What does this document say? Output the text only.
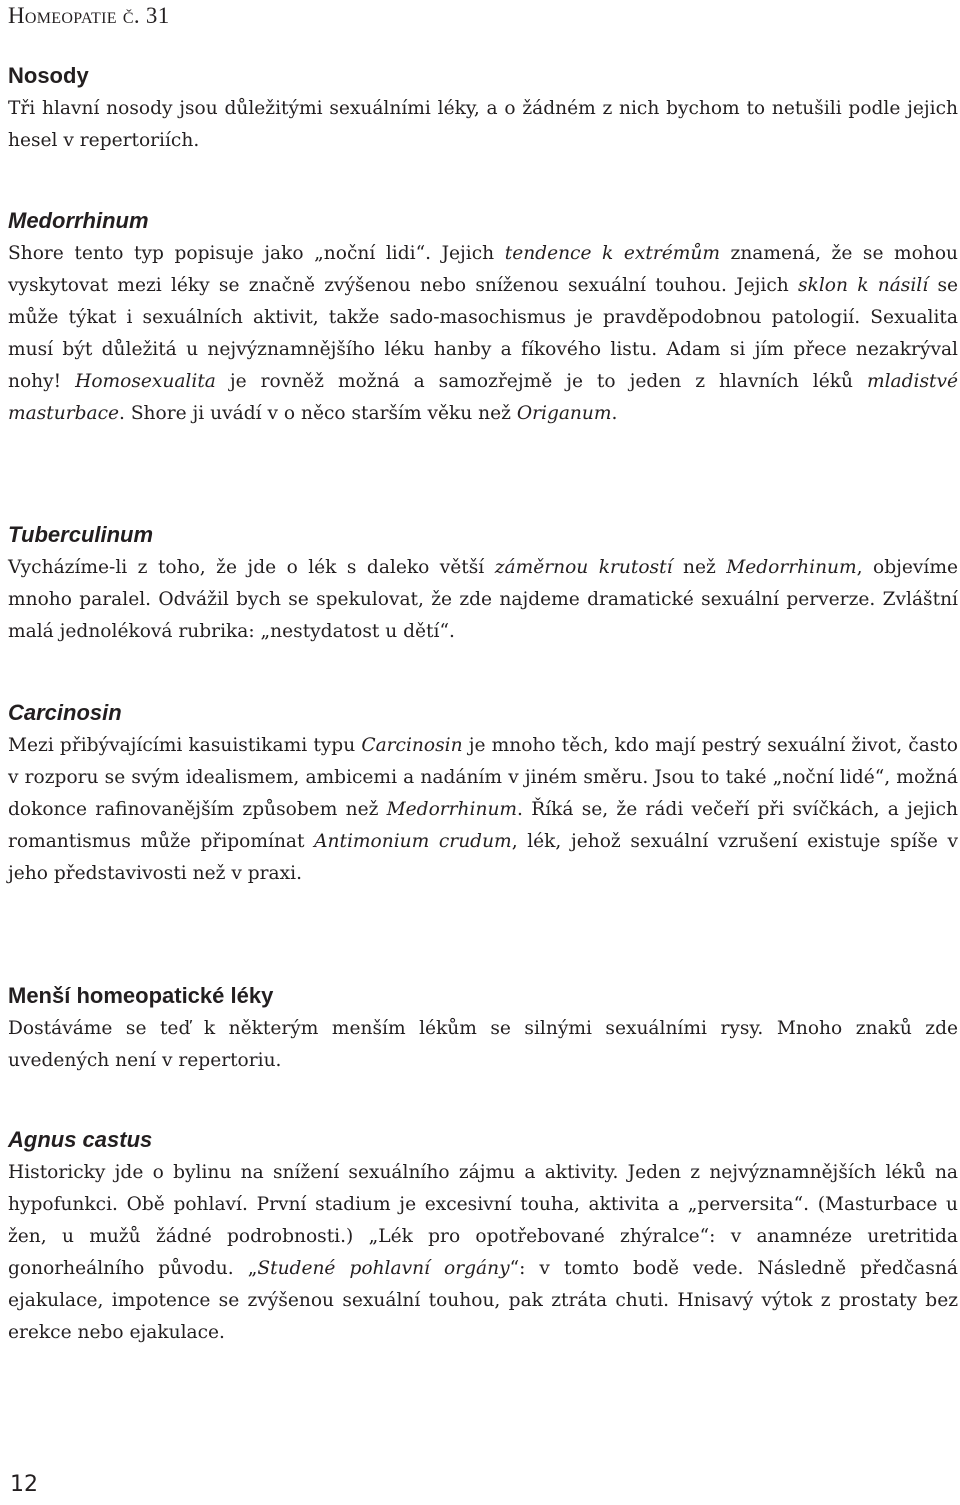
Homeopatie č. 31
Nosody

Tři hlavní nosody jsou důležitými sexuálními léky, a o žádném z nich bychom to netušili podle jejich hesel v repertoriích.

Medorrhinum

Shore tento typ popisuje jako „noční lidi“. Jejich tendence k extrémům znamená, že se mohou vyskytovat mezi léky se značně zvýšenou nebo sníženou sexuální touhou. Jejich sklon k násilí se může týkat i sexuálních aktivit, takže sado-masochismus je pravděpodobnou patologií. Sexualita musí být důležitá u nejvýznamnějšího léku hanby a fíkového listu. Adam si jím přece nezakrýval nohy! Homosexualita je rovněž možná a samozřejmě je to jeden z hlavních léků mladistvé masturbace. Shore ji uvádí v o něco starším věku než Origanum.

Tuberculinum

Vycházíme-li z toho, že jde o lék s daleko větší záměrnou krutostí než Medorrhinum, objevíme mnoho paralel. Odvážil bych se spekulovat, že zde najdeme dramatické sexuální perverze. Zvláštní malá jednoléková rubrika: „nestydatost u dětí“.

Carcinosin

Mezi přibývajícími kasuistikami typu Carcinosin je mnoho těch, kdo mají pestrý sexuální život, často v rozporu se svým idealismem, ambicemi a nadáním v jiném směru. Jsou to také „noční lidé“, možná dokonce rafinovanějším způsobem než Medorrhinum. Říká se, že rádi večeří při svíčkách, a jejich romantismus může připomínat Antimonium crudum, lék, jehož sexuální vzrušení existuje spíše v jeho představivosti než v praxi.

Menší homeopatické léky

Dostáváme se teď k některým menším lékům se silnými sexuálními rysy. Mnoho znaků zde uvedených není v repertoriu.

Agnus castus

Historicky jde o bylinu na snížení sexuálního zájmu a aktivity. Jeden z nejvýznamnějších léků na hypofunkci. Obě pohlaví. První stadium je excesivní touha, aktivita a „perversita“. (Masturbace u žen, u mužů žádné podrobnosti.) „Lék pro opotřebované zhýralce“: v anamnéze uretritida gonorheálního původu. „Studené pohlavní orgány“: v tomto bodě vede. Následně předčasná ejakulace, impotence se zvýšenou sexuální touhou, pak ztráta chuti. Hnisavý výtok z prostaty bez erekce nebo ejakulace.

12
